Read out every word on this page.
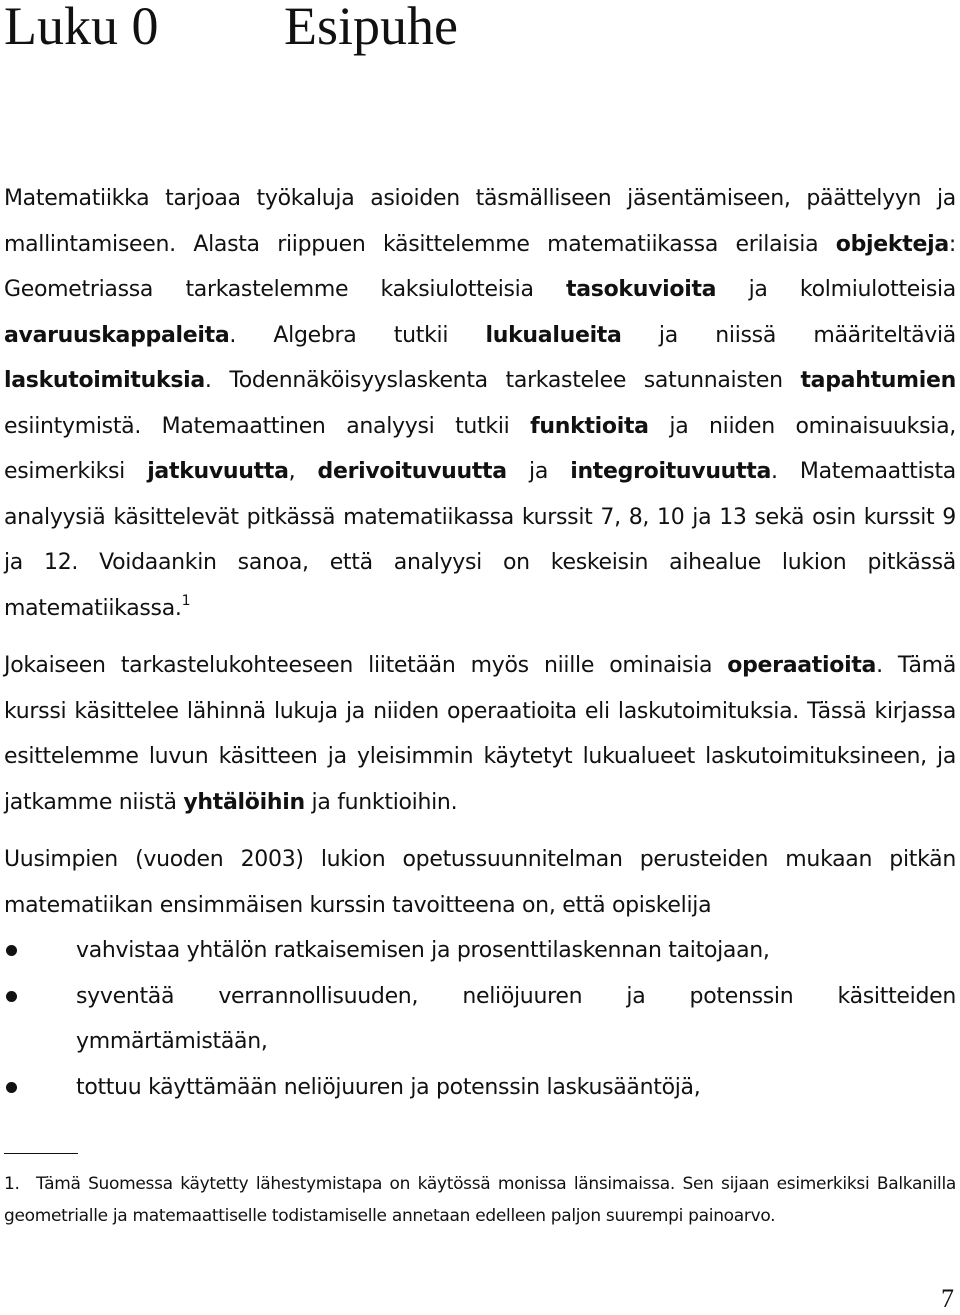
Luku 0 Esipuhe

Matematiikka tarjoaa työkaluja asioiden täsmälliseen jäsentämiseen, päättelyyn ja mallintamiseen. Alasta riippuen käsittelemme matematiikassa erilaisia objekteja: Geometriassa tarkastelemme kaksiulotteisia tasokuvioita ja kolmiulotteisia avaruuskappaleita. Algebra tutkii lukualueita ja niissä määriteltäviä laskutoimituksia. Todennäköisyyslaskenta tarkastelee satunnaisten tapahtumien esiintymistä. Matemaattinen analyysi tutkii funktioita ja niiden ominaisuuksia, esimerkiksi jatkuvuutta, derivoituvuutta ja integroituvuutta. Matemaattista analyysiä käsittelevät pitkässä matematiikassa kurssit 7, 8, 10 ja 13 sekä osin kurssit 9 ja 12. Voidaankin sanoa, että analyysi on keskeisin aihealue lukion pitkässä matematiikassa.$^1$

Jokaiseen tarkastelukohteeseen liitetään myös niille ominaisia operaatioita. Tämä kurssi käsittelee lähinnä lukuja ja niiden operaatioita eli laskutoimituksia. Tässä kirjassa esittelemme luvun käsitteen ja yleisimmin käytetyt lukualueet laskutoimituksineen, ja jatkamme niistä yhtälöihin ja funktioihin.

Uusimpien (vuoden 2003) lukion opetussuunnitelman perusteiden mukaan pitkän matematiikan ensimmäisen kurssin tavoitteena on, että opiskelija

vahvistaa yhtälön ratkaisemisen ja prosenttilaskennan taitojaan,
syventää verrannollisuuden, neliöjuuren ja potenssin käsitteiden ymmärtämistään,
tottuu käyttämään neliöjuuren ja potenssin laskusääntöjä,

1. Tämä Suomessa käytetty lähestymistapa on käytössä monissa länsimaissa. Sen sijaan esimerkiksi Balkanilla geometrialle ja matemaattiselle todistamiselle annetaan edelleen paljon suurempi painoarvo.

7
